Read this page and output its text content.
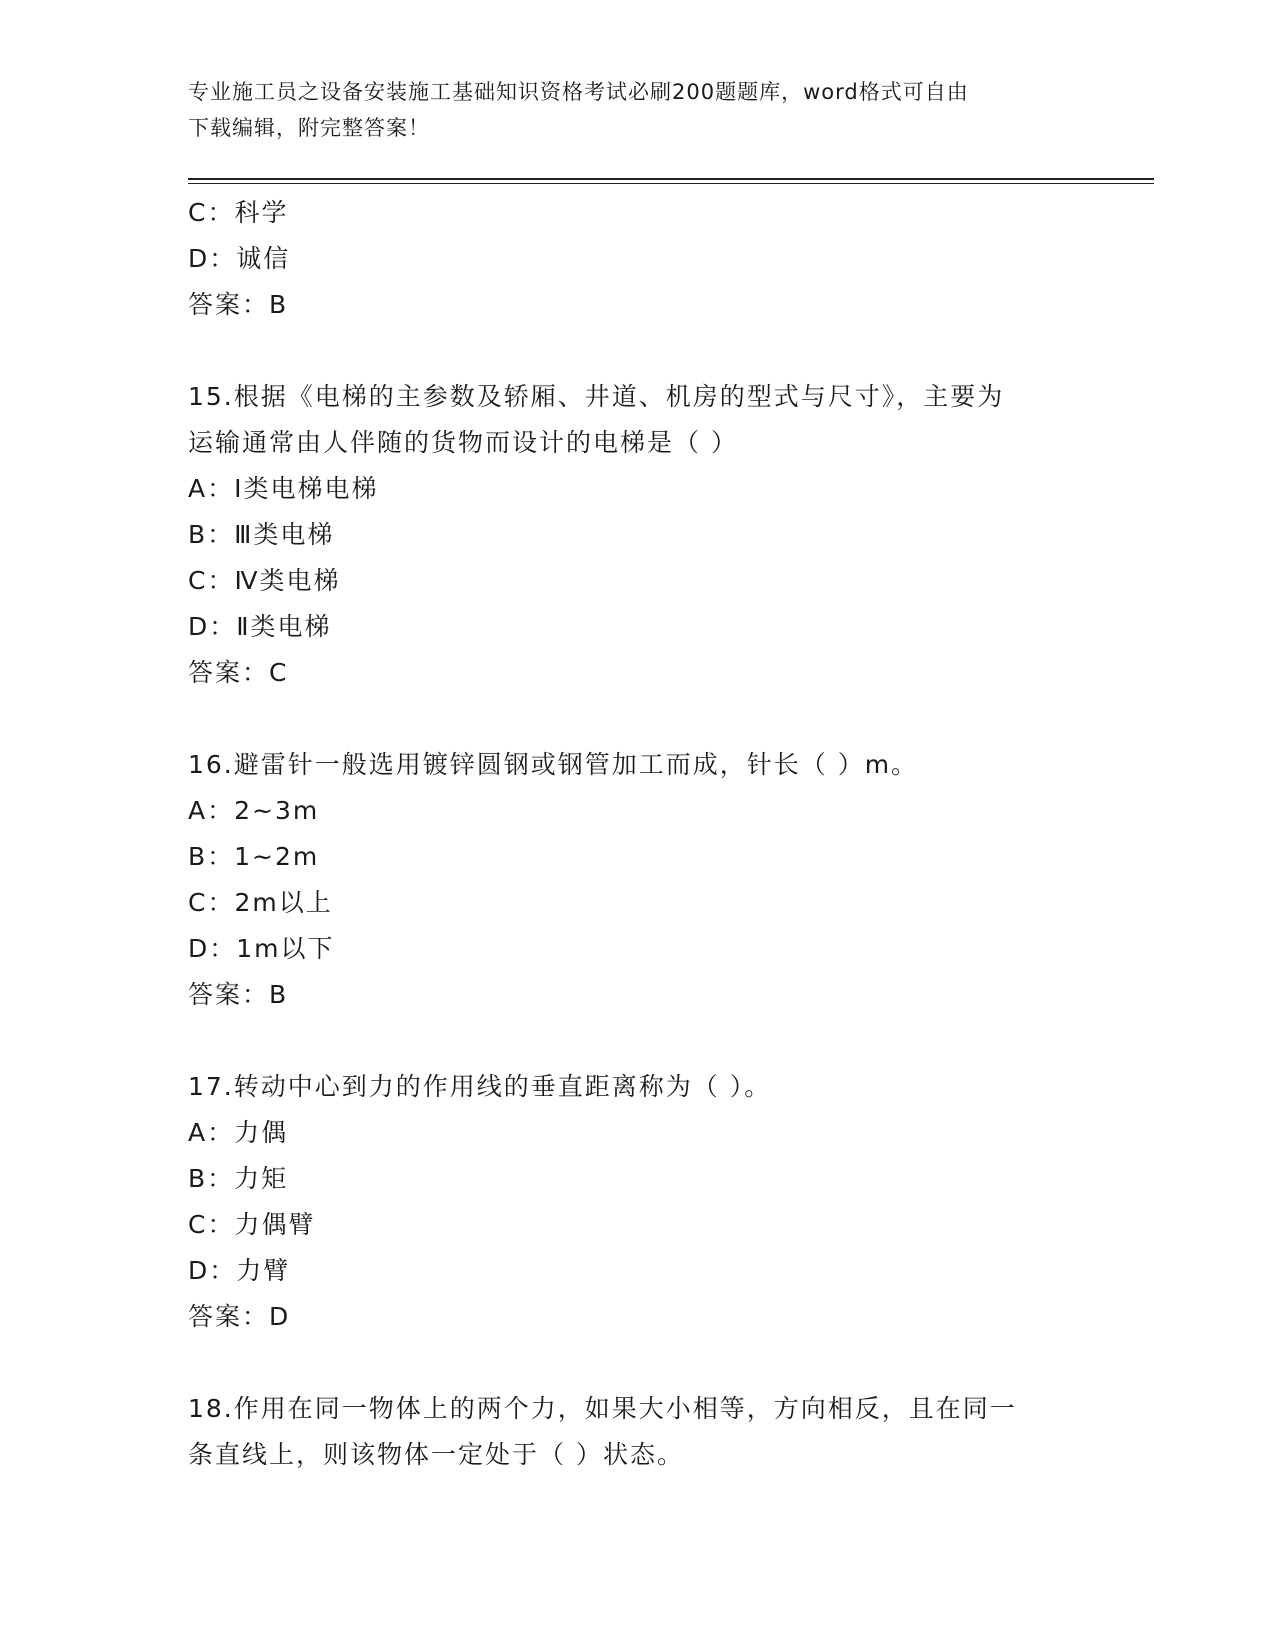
专业施工员之设备安装施工基础知识资格考试必刷200题题库，word格式可自由
下载编辑，附完整答案！
C：科学
D：诚信
答案：B
15.根据《电梯的主参数及轿厢、井道、机房的型式与尺寸》，主要为
运输通常由人伴随的货物而设计的电梯是（ ）
A：Ⅰ类电梯电梯
B：Ⅲ类电梯
C：Ⅳ类电梯
D：Ⅱ类电梯
答案：C
16.避雷针一般选用镀锌圆钢或钢管加工而成，针长（ ）m。
A：2~3m
B：1~2m
C：2m以上
D：1m以下
答案：B
17.转动中心到力的作用线的垂直距离称为（ ）。
A：力偶
B：力矩
C：力偶臂
D：力臂
答案：D
18.作用在同一物体上的两个力，如果大小相等，方向相反，且在同一
条直线上，则该物体一定处于（ ）状态。
